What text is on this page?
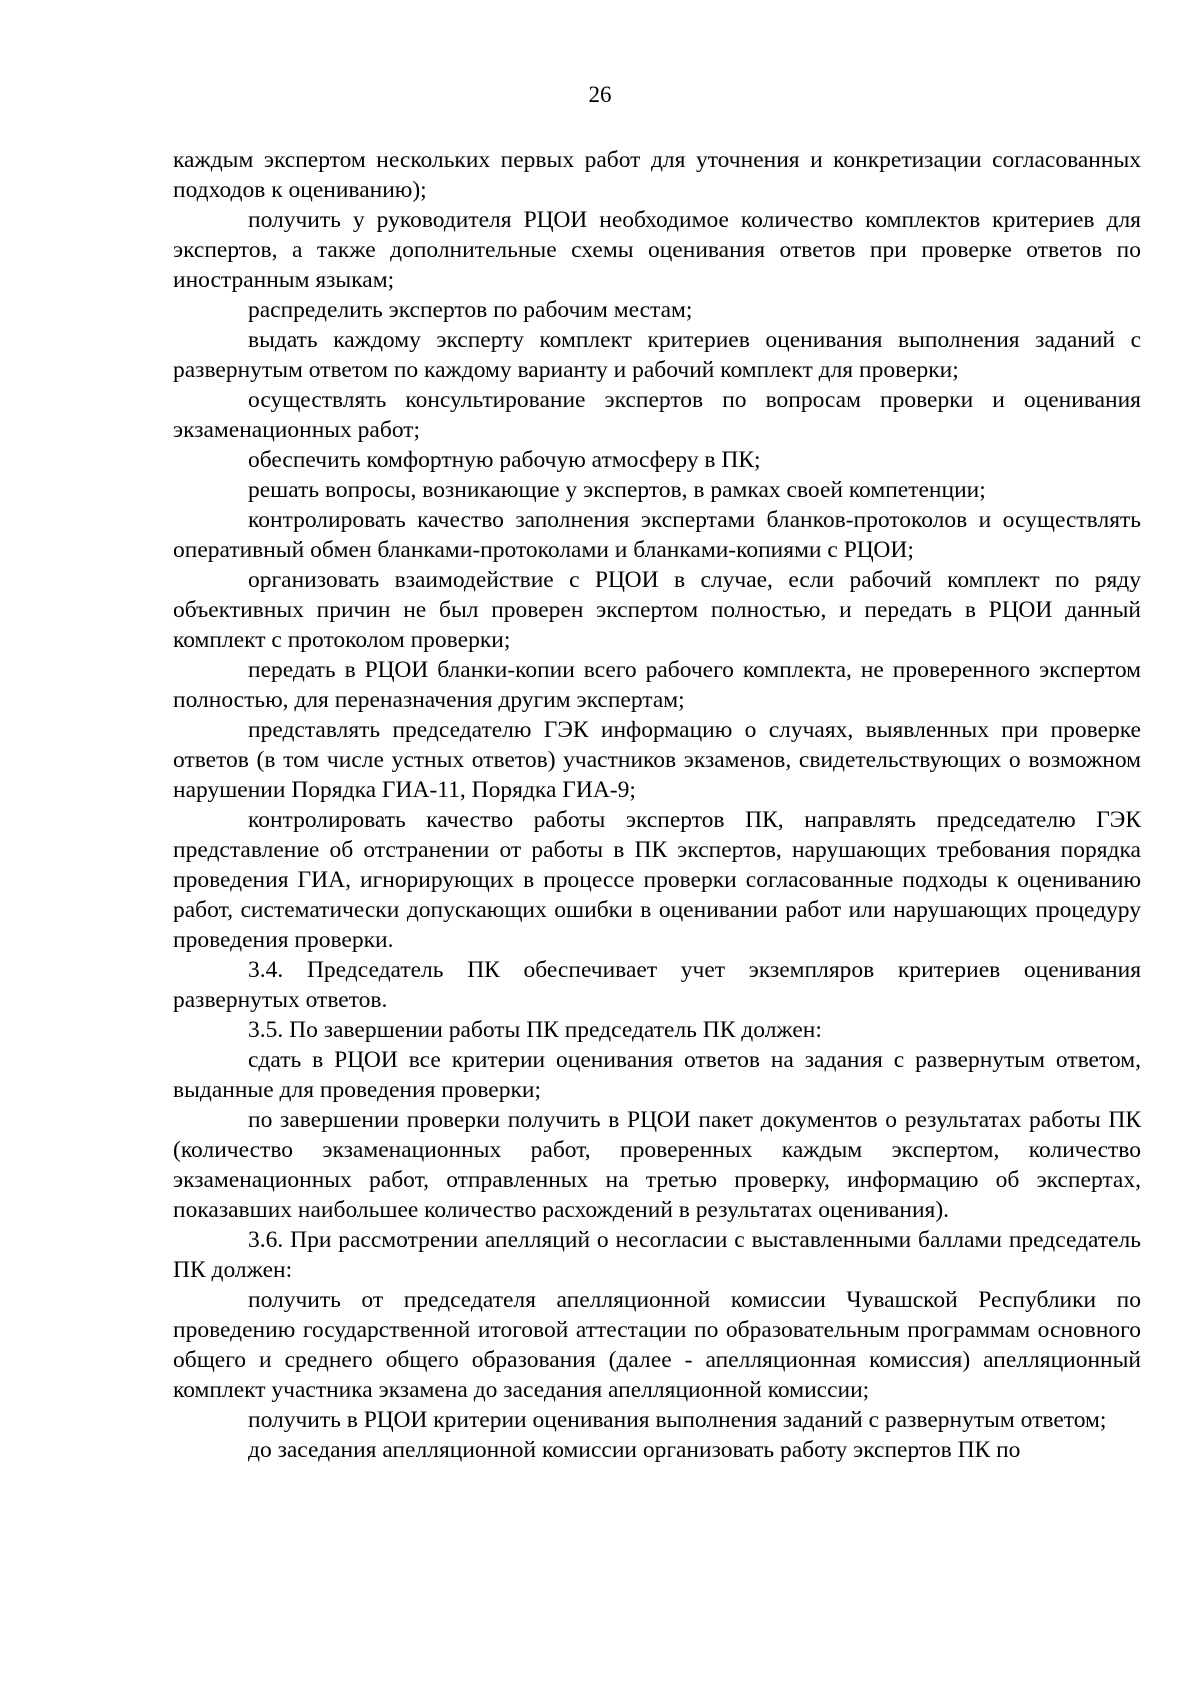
26

каждым экспертом нескольких первых работ для уточнения и конкретизации согласованных подходов к оцениванию);

получить у руководителя РЦОИ необходимое количество комплектов критериев для экспертов, а также дополнительные схемы оценивания ответов при проверке ответов по иностранным языкам;

распределить экспертов по рабочим местам;

выдать каждому эксперту комплект критериев оценивания выполнения заданий с развернутым ответом по каждому варианту и рабочий комплект для проверки;

осуществлять консультирование экспертов по вопросам проверки и оценивания экзаменационных работ;

обеспечить комфортную рабочую атмосферу в ПК;

решать вопросы, возникающие у экспертов, в рамках своей компетенции;

контролировать качество заполнения экспертами бланков-протоколов и осуществлять оперативный обмен бланками-протоколами и бланками-копиями с РЦОИ;

организовать взаимодействие с РЦОИ в случае, если рабочий комплект по ряду объективных причин не был проверен экспертом полностью, и передать в РЦОИ данный комплект с протоколом проверки;

передать в РЦОИ бланки-копии всего рабочего комплекта, не проверенного экспертом полностью, для переназначения другим экспертам;

представлять председателю ГЭК информацию о случаях, выявленных при проверке ответов (в том числе устных ответов) участников экзаменов, свидетельствующих о возможном нарушении Порядка ГИА-11, Порядка ГИА-9;

контролировать качество работы экспертов ПК, направлять председателю ГЭК представление об отстранении от работы в ПК экспертов, нарушающих требования порядка проведения ГИА, игнорирующих в процессе проверки согласованные подходы к оцениванию работ, систематически допускающих ошибки в оценивании работ или нарушающих процедуру проведения проверки.

3.4. Председатель ПК обеспечивает учет экземпляров критериев оценивания развернутых ответов.

3.5. По завершении работы ПК председатель ПК должен:

сдать в РЦОИ все критерии оценивания ответов на задания с развернутым ответом, выданные для проведения проверки;

по завершении проверки получить в РЦОИ пакет документов о результатах работы ПК (количество экзаменационных работ, проверенных каждым экспертом, количество экзаменационных работ, отправленных на третью проверку, информацию об экспертах, показавших наибольшее количество расхождений в результатах оценивания).

3.6. При рассмотрении апелляций о несогласии с выставленными баллами председатель ПК должен:

получить от председателя апелляционной комиссии Чувашской Республики по проведению государственной итоговой аттестации по образовательным программам основного общего и среднего общего образования (далее - апелляционная комиссия) апелляционный комплект участника экзамена до заседания апелляционной комиссии;

получить в РЦОИ критерии оценивания выполнения заданий с развернутым ответом;

до заседания апелляционной комиссии организовать работу экспертов ПК по
